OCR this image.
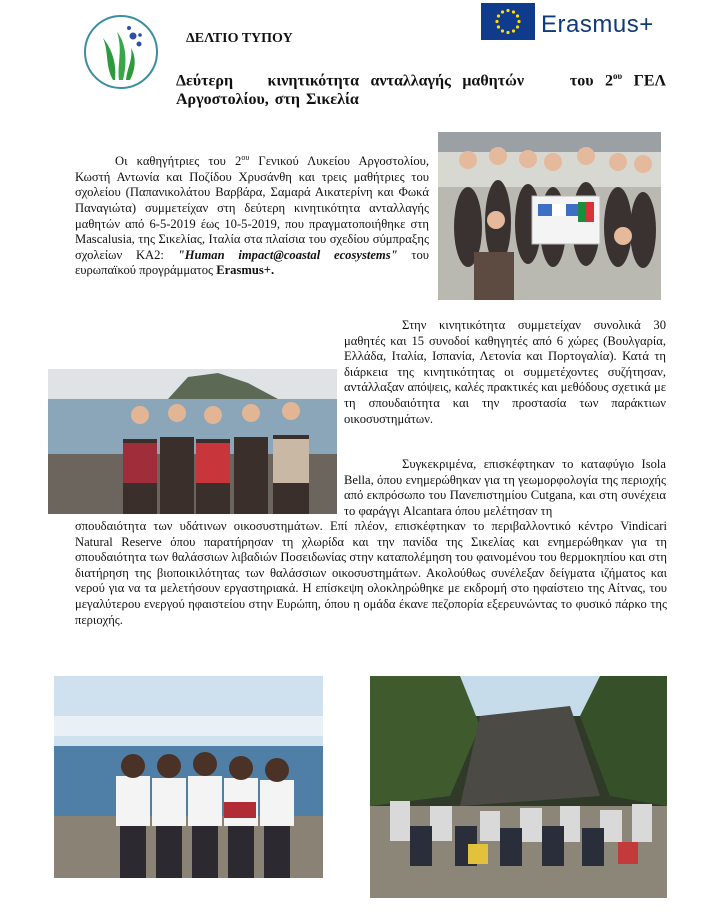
ΔΕΛΤΙΟ ΤΥΠΟΥ
Δεύτερη   κινητικότητα ανταλλαγής μαθητών    του $2^{o\upsilon}$ ΓΕΛ Αργοστολίου, στη Σικελία
Erasmus+
Οι καθηγήτριες του $2^{o\upsilon}$ Γενικού Λυκείου Αργοστολίου, Κωστή Αντωνία και Ποζίδου Χρυσάνθη και τρεις μαθήτριες του σχολείου (Παπανικολάτου Βαρβάρα, Σαμαρά Αικατερίνη και Φωκά Παναγιώτα) συμμετείχαν στη δεύτερη κινητικότητα ανταλλαγής μαθητών από 6-5-2019 έως 10-5-2019, που πραγματοποιήθηκε στη Mascalusia, της Σικελίας, Ιταλία στα πλαίσια του σχεδίου σύμπραξης σχολείων ΚΑ2: "Human impact@coastal ecosystems" του ευρωπαϊκού προγράμματος Erasmus+.
Στην κινητικότητα συμμετείχαν συνολικά 30 μαθητές και 15 συνοδοί καθηγητές από 6 χώρες (Βουλγαρία, Ελλάδα, Ιταλία, Ισπανία, Λετονία και Πορτογαλία). Κατά τη διάρκεια της κινητικότητας οι συμμετέχοντες συζήτησαν, αντάλλαξαν απόψεις, καλές πρακτικές και μεθόδους σχετικά με τη σπουδαιότητα και την προστασία των παράκτιων οικοσυστημάτων.

Συγκεκριμένα, επισκέφτηκαν το καταφύγιο Isola Bella, όπου ενημερώθηκαν για τη γεωμορφολογία της περιοχής από εκπρόσωπο του Πανεπιστημίου Cutgana, και στη συνέχεια το φαράγγι Alcantara όπου μελέτησαν τη

σπουδαιότητα των υδάτινων οικοσυστημάτων. Επί πλέον, επισκέφτηκαν το περιβαλλοντικό κέντρο Vindicari Natural Reserve όπου παρατήρησαν τη χλωρίδα και την πανίδα της Σικελίας και ενημερώθηκαν για τη σπουδαιότητα των θαλάσσιων λιβαδιών Ποσειδωνίας στην καταπολέμηση του φαινομένου του θερμοκηπίου και στη διατήρηση της βιοποικιλότητας των θαλάσσιων οικοσυστημάτων. Ακολούθως συνέλεξαν δείγματα ιζήματος και νερού για να τα μελετήσουν εργαστηριακά. Η επίσκεψη ολοκληρώθηκε με εκδρομή στο ηφαίστειο της Αίτνας, του μεγαλύτερου ενεργού ηφαιστείου στην Ευρώπη, όπου η ομάδα έκανε πεζοπορία εξερευνώντας το φυσικό πάρκο της περιοχής.
